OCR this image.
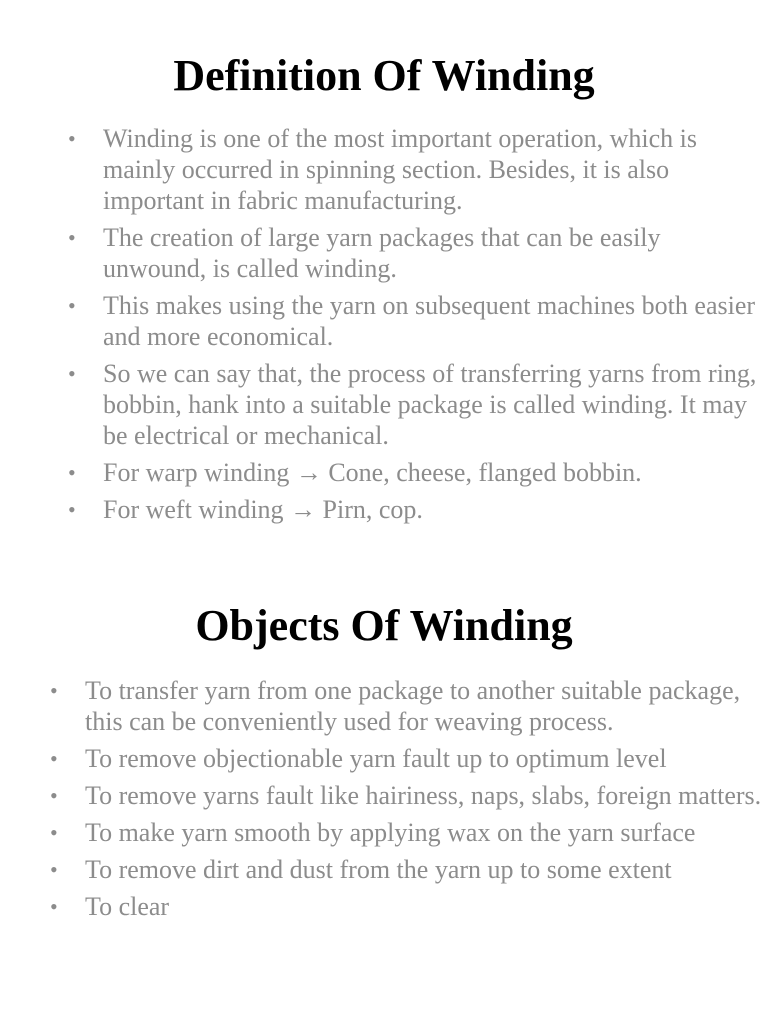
Definition Of Winding
• Winding is one of the most important operation, which is mainly occurred in spinning section. Besides, it is also important in fabric manufacturing.
• The creation of large yarn packages that can be easily unwound, is called winding.
• This makes using the yarn on subsequent machines both easier and more economical.
• So we can say that, the process of transferring yarns from ring, bobbin, hank into a suitable package is called winding. It may be electrical or mechanical.
• For warp winding → Cone, cheese, flanged bobbin.
• For weft winding → Pirn, cop.
Objects Of Winding
• To transfer yarn from one package to another suitable package, this can be conveniently used for weaving process.
• To remove objectionable yarn fault up to optimum level
• To remove yarns fault like hairiness, naps, slabs, foreign matters.
• To make yarn smooth by applying wax on the yarn surface
• To remove dirt and dust from the yarn up to some extent
• To clear
